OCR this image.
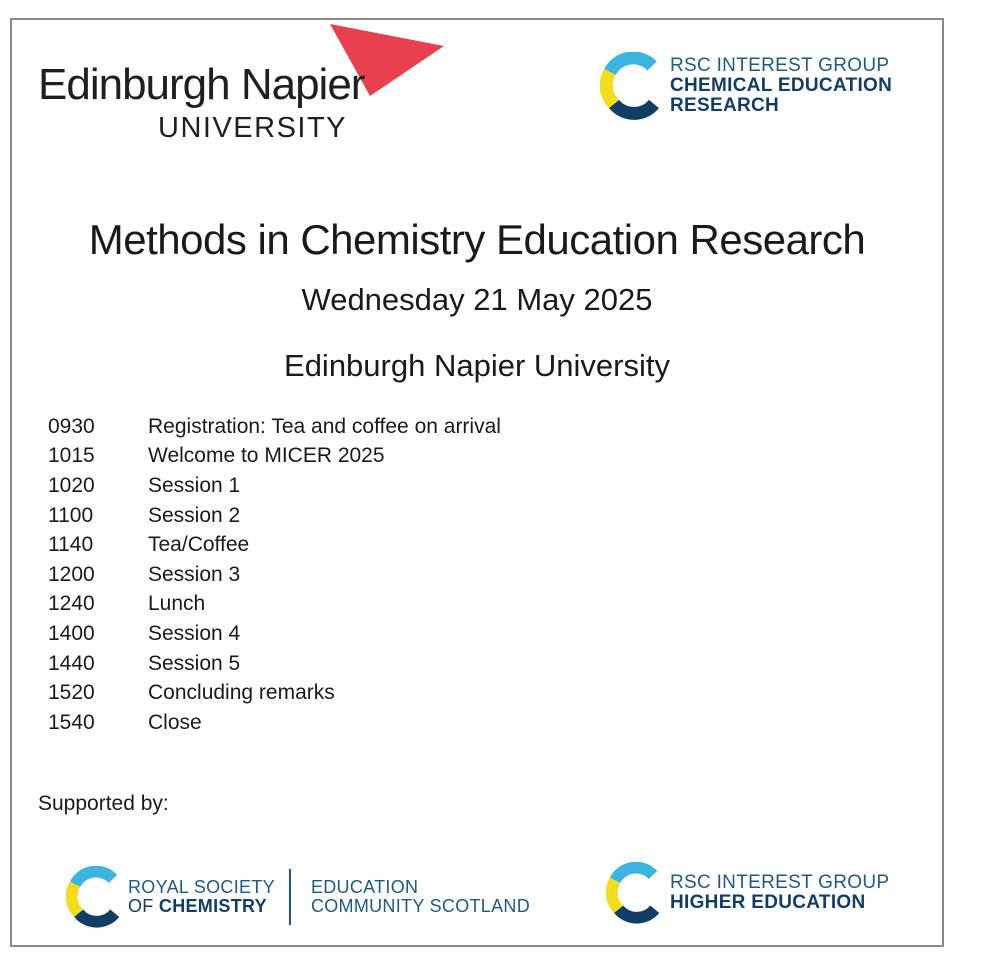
Edinburgh Napier
UNIVERSITY
RSC INTEREST GROUP
CHEMICAL EDUCATION
RESEARCH
Methods in Chemistry Education Research
Wednesday 21 May 2025
Edinburgh Napier University
0930	Registration: Tea and coffee on arrival
1015	Welcome to MICER 2025
1020	Session 1
1100	Session 2
1140	Tea/Coffee
1200	Session 3
1240	Lunch
1400	Session 4
1440	Session 5
1520	Concluding remarks
1540	Close
Supported by:
ROYAL SOCIETY
OF CHEMISTRY
EDUCATION
COMMUNITY SCOTLAND
RSC INTEREST GROUP
HIGHER EDUCATION
